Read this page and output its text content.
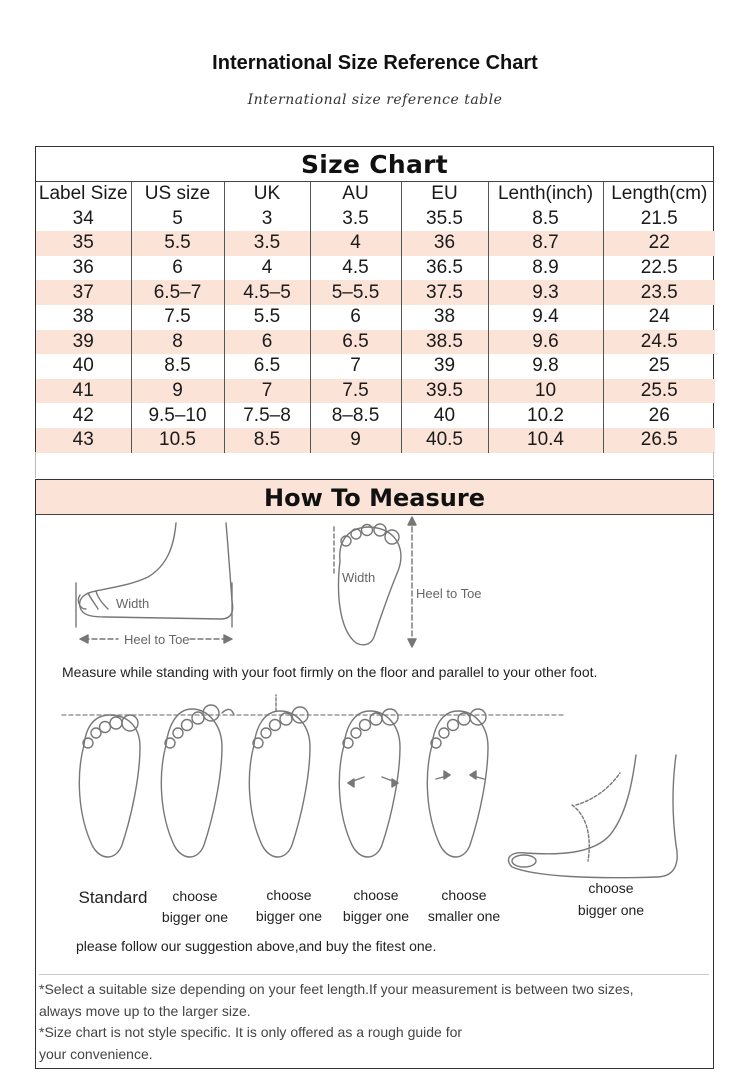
International Size Reference Chart
International size reference table
Size Chart
Label Size	US size	UK	AU	EU	Lenth(inch)	Length(cm)
34	5	3	3.5	35.5	8.5	21.5
35	5.5	3.5	4	36	8.7	22
36	6	4	4.5	36.5	8.9	22.5
37	6.5–7	4.5–5	5–5.5	37.5	9.3	23.5
38	7.5	5.5	6	38	9.4	24
39	8	6	6.5	38.5	9.6	24.5
40	8.5	6.5	7	39	9.8	25
41	9	7	7.5	39.5	10	25.5
42	9.5–10	7.5–8	8–8.5	40	10.2	26
43	10.5	8.5	9	40.5	10.4	26.5
How To Measure
Width
Heel to Toe
Width
Heel to Toe
Measure while standing with your foot firmly on the floor and parallel to your other foot.
Standard	choose
bigger one
choose
bigger one
choose
bigger one
choose
smaller one
choose
bigger one
please follow our suggestion above,and buy the fitest one.
*Select a suitable size depending on your feet length.If your measurement is between two sizes,
always move up to the larger size.
*Size chart is not style specific. It is only offered as a rough guide for
your convenience.
